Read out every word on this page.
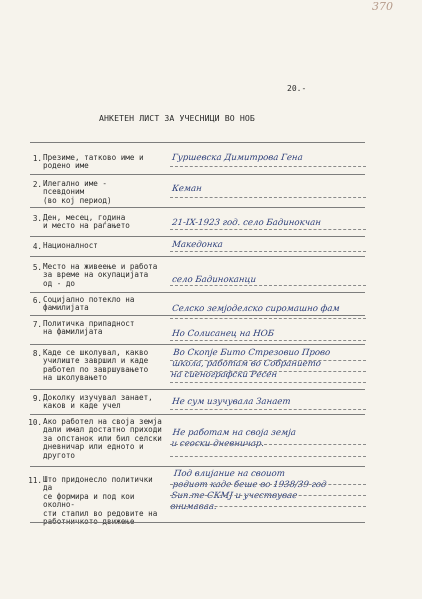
370
20.-
АНКЕТЕН ЛИСТ ЗА УЧЕСНИЦИ ВО НОБ
1. Презиме, татково име и
родено име
Гуршевска Димитрова Гена
2. Илегално име -
псевдоним
(во кој период)
Кеман
3. Ден, месец, година
и место на раѓањето	21-IX-1923 год. село Бадинокчан
4. Националност	Македонка
5. Место на живеење и работа
за време на окупацијата
од - до	село Бадиноканци
6. Социјално потекло на
фамилијата	Селско земјоделско сиромашно фам
7. Политичка припадност
на фамилијата	Но Солисанец на НОБ
8. Каде се школувал, какво
училиште завршил и каде
работел по завршувањето
на школувањето
Во Скопје Бито Стрезовио Прово
школа, работам во Собранието
на сиенографски Ресен
9. Доколку изучувал занает,
каков и каде учел	Не сум изучувала Занает
10. Ако работел на своја земја
дали имал достатно приходи
за опстанок или бил селски
дневничар или едното и
другото
Не работам на своја земја
и сеоски дневничар.
11. Што придонесло политички да
се формира и под кои околно-
сти стапил во редовите на
работничкото движење
Под влијание на своиот
родиот каде беше во 1938/39 год
Sun.те СКМЈ и учествувае
внимаваа.
